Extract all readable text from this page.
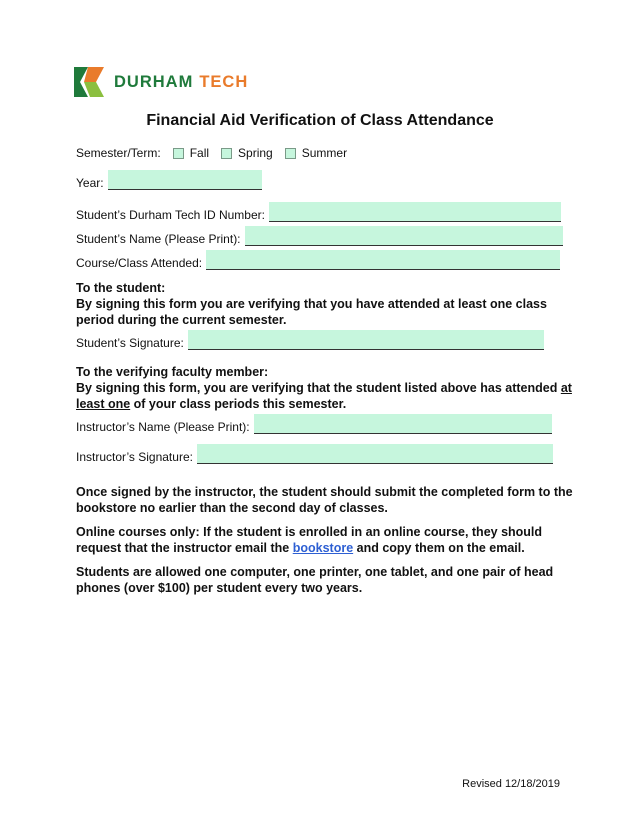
DURHAM TECH
Financial Aid Verification of Class Attendance
Semester/Term: Fall Spring Summer
Year:
Student’s Durham Tech ID Number:
Student’s Name (Please Print):
Course/Class Attended:
To the student:
By signing this form you are verifying that you have attended at least one class period during the current semester.
Student’s Signature:
To the verifying faculty member:
By signing this form, you are verifying that the student listed above has attended at least one of your class periods this semester.
Instructor’s Name (Please Print):
Instructor’s Signature:
Once signed by the instructor, the student should submit the completed form to the bookstore no earlier than the second day of classes.
Online courses only: If the student is enrolled in an online course, they should request that the instructor email the bookstore and copy them on the email.
Students are allowed one computer, one printer, one tablet, and one pair of head phones (over $100) per student every two years.
Revised 12/18/2019
